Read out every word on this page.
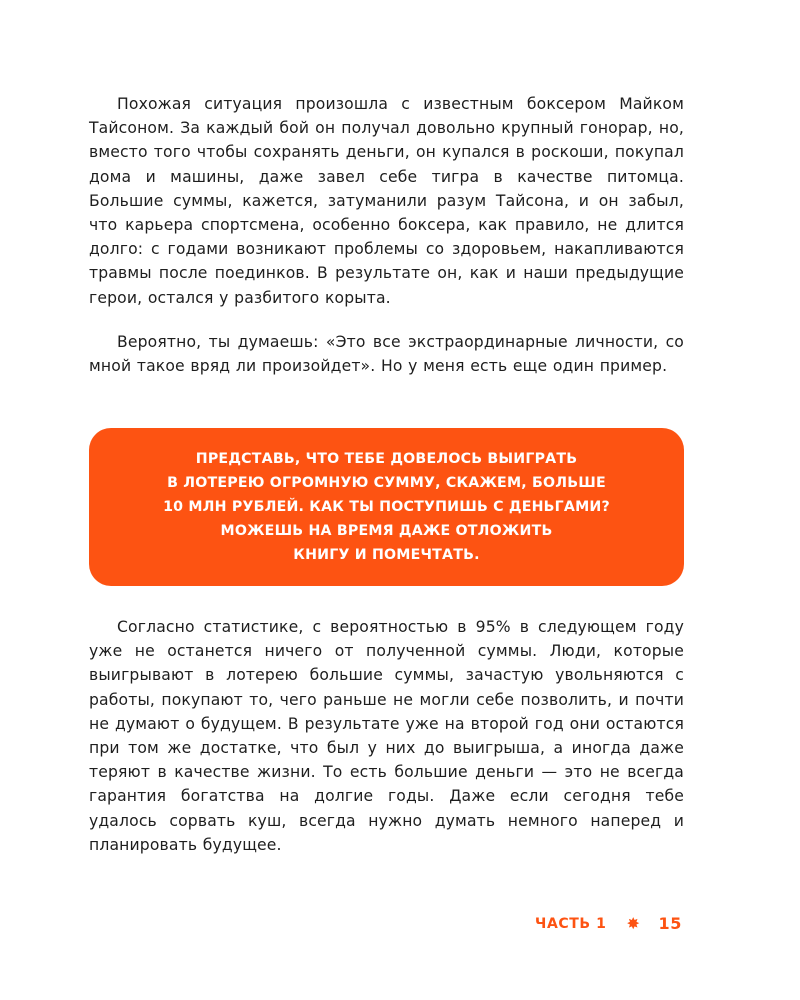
Похожая ситуация произошла с известным боксером Майком Тайсоном. За каждый бой он получал довольно крупный гонорар, но, вместо того чтобы сохранять деньги, он купался в роскоши, покупал дома и машины, даже завел себе тигра в качестве питомца. Большие суммы, кажется, затуманили разум Тайсона, и он забыл, что карьера спортсмена, особенно боксера, как правило, не длится долго: с годами возникают проблемы со здоровьем, накапливаются травмы после поединков. В результате он, как и наши предыдущие герои, остался у разбитого корыта.

Вероятно, ты думаешь: «Это все экстраординарные личности, со мной такое вряд ли произойдет». Но у меня есть еще один пример.

ПРЕДСТАВЬ, ЧТО ТЕБЕ ДОВЕЛОСЬ ВЫИГРАТЬ
В ЛОТЕРЕЮ ОГРОМНУЮ СУММУ, СКАЖЕМ, БОЛЬШЕ
10 МЛН РУБЛЕЙ. КАК ТЫ ПОСТУПИШЬ С ДЕНЬГАМИ?
МОЖЕШЬ НА ВРЕМЯ ДАЖЕ ОТЛОЖИТЬ
КНИГУ И ПОМЕЧТАТЬ.

Согласно статистике, с вероятностью в 95% в следующем году уже не останется ничего от полученной суммы. Люди, которые выигрывают в лотерею большие суммы, зачастую увольняются с работы, покупают то, чего раньше не могли себе позволить, и почти не думают о будущем. В результате уже на второй год они остаются при том же достатке, что был у них до выигрыша, а иногда даже теряют в качестве жизни. То есть большие деньги — это не всегда гарантия богатства на долгие годы. Даже если сегодня тебе удалось сорвать куш, всегда нужно думать немного наперед и планировать будущее.

ЧАСТЬ 1 ✸ 15
